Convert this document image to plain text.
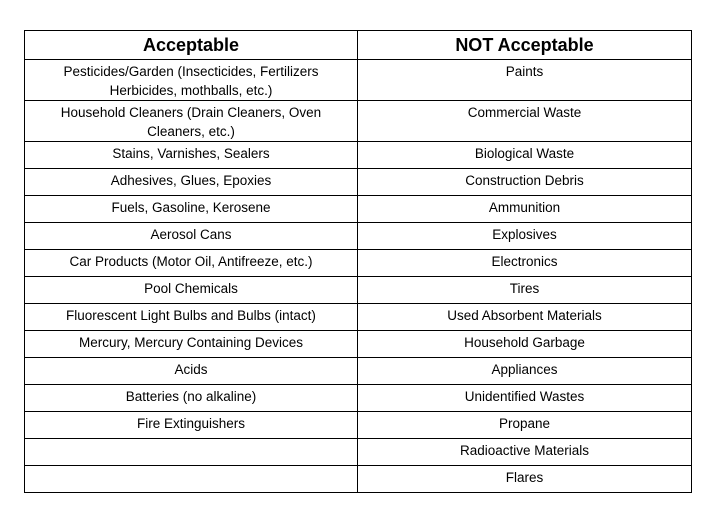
Acceptable	NOT Acceptable
Pesticides/Garden (Insecticides, Fertilizers Herbicides, mothballs, etc.)	Paints
Household Cleaners (Drain Cleaners, Oven Cleaners, etc.)	Commercial Waste
Stains, Varnishes, Sealers	Biological Waste
Adhesives, Glues, Epoxies	Construction Debris
Fuels, Gasoline, Kerosene	Ammunition
Aerosol Cans	Explosives
Car Products (Motor Oil, Antifreeze, etc.)	Electronics
Pool Chemicals	Tires
Fluorescent Light Bulbs and Bulbs (intact)	Used Absorbent Materials
Mercury, Mercury Containing Devices	Household Garbage
Acids	Appliances
Batteries (no alkaline)	Unidentified Wastes
Fire Extinguishers	Propane
	Radioactive Materials
	Flares
